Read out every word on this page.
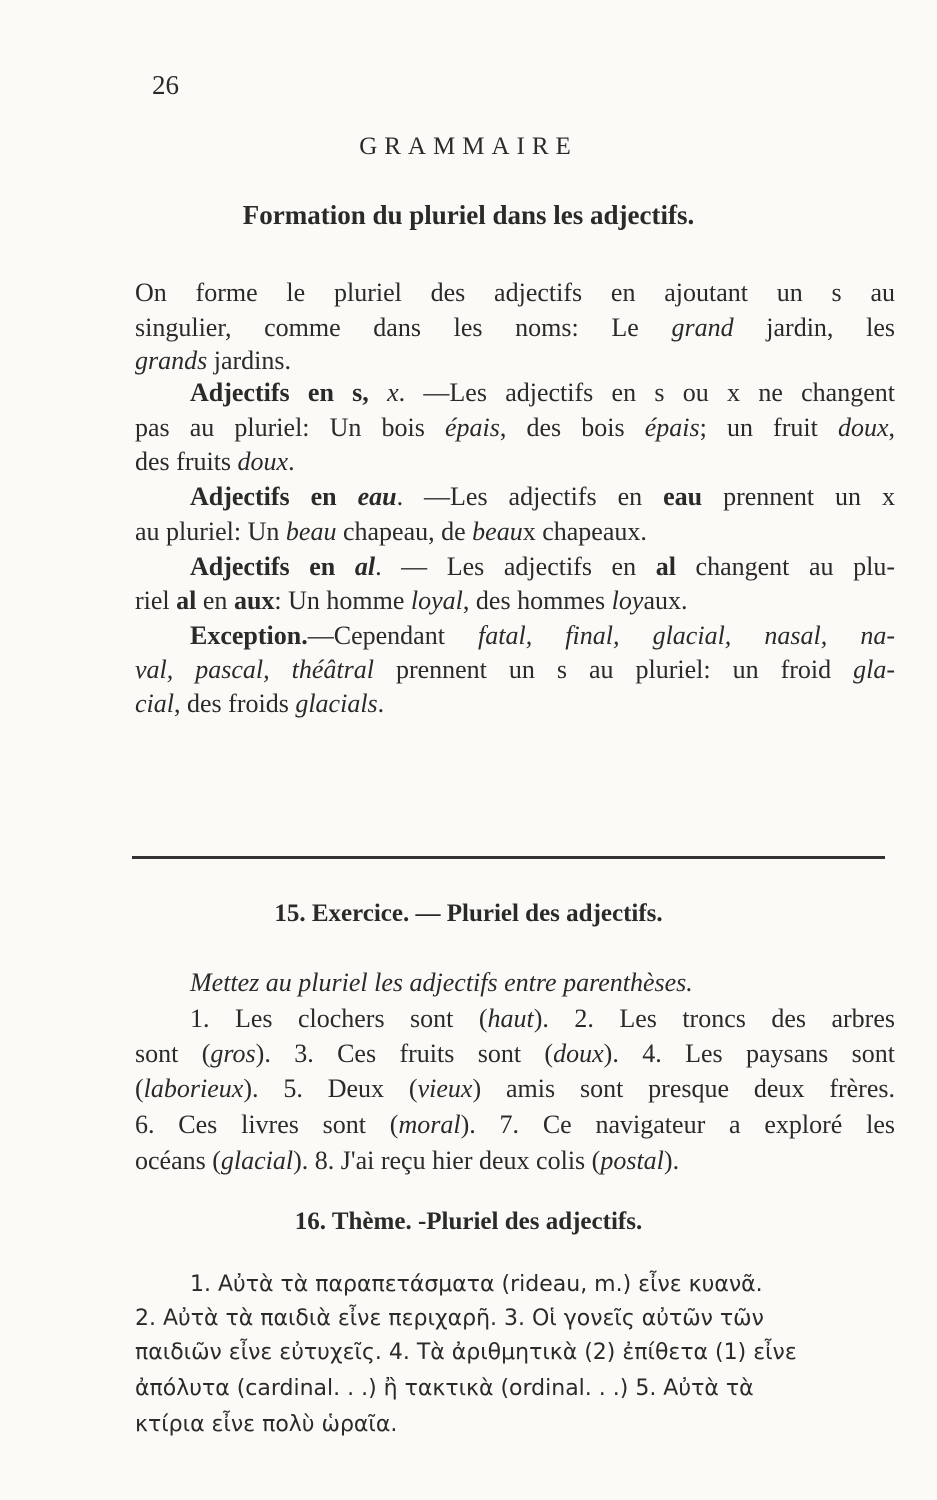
26
GRAMMAIRE
Formation du pluriel dans les adjectifs.
On forme le pluriel des adjectifs en ajoutant un s au
singulier, comme dans les noms: Le grand jardin, les
grands jardins.
Adjectifs en s, x. —Les adjectifs en s ou x ne changent
pas au pluriel: Un bois épais, des bois épais; un fruit doux,
des fruits doux.
Adjectifs en eau. —Les adjectifs en eau prennent un x
au pluriel: Un beau chapeau, de beaux chapeaux.
Adjectifs en al. — Les adjectifs en al changent au plu-
riel al en aux: Un homme loyal, des hommes loyaux.
Exception.—Cependant fatal, final, glacial, nasal, na-
val, pascal, théâtral prennent un s au pluriel: un froid gla-
cial, des froids glacials.
15. Exercice. — Pluriel des adjectifs.
Mettez au pluriel les adjectifs entre parenthèses.
1. Les clochers sont (haut). 2. Les troncs des arbres
sont (gros). 3. Ces fruits sont (doux). 4. Les paysans sont
(laborieux). 5. Deux (vieux) amis sont presque deux frères.
6. Ces livres sont (moral). 7. Ce navigateur a exploré les
océans (glacial). 8. J'ai reçu hier deux colis (postal).
16. Thème. -Pluriel des adjectifs.
1. Αὐτὰ τὰ παραπετάσματα (rideau, m.) εἶνε κυανᾶ.
2. Αὐτὰ τὰ παιδιὰ εἶνε περιχαρῆ. 3. Οἱ γονεῖς αὐτῶν τῶν
παιδιῶν εἶνε εὐτυχεῖς. 4. Τὰ ἀριθμητικὰ (2) ἐπίθετα (1) εἶνε
ἀπόλυτα (cardinal. . .) ἢ τακτικὰ (ordinal. . .) 5. Αὐτὰ τὰ
κτίρια εἶνε πολὺ ὡραῖα.
